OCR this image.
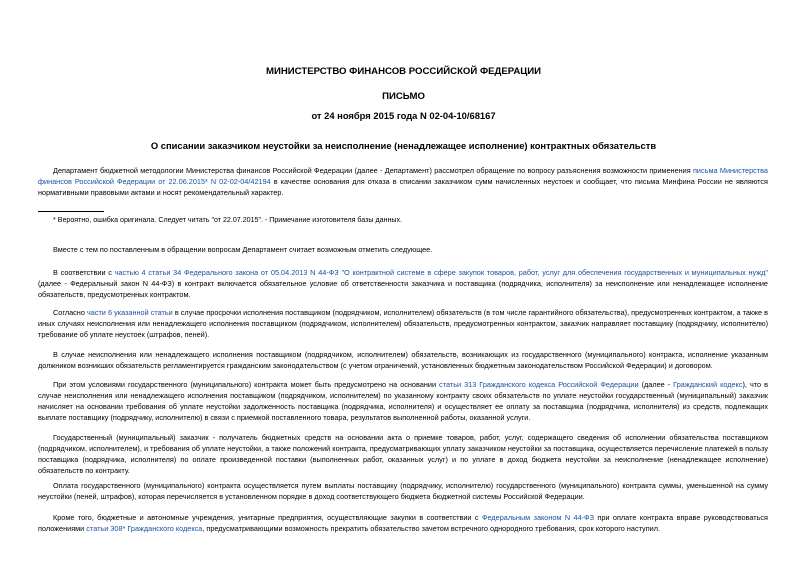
МИНИСТЕРСТВО ФИНАНСОВ РОССИЙСКОЙ ФЕДЕРАЦИИ
ПИСЬМО
от 24 ноября 2015 года N 02-04-10/68167
О списании заказчиком неустойки за неисполнение (ненадлежащее исполнение) контрактных обязательств

Департамент бюджетной методологии Министерства финансов Российской Федерации (далее - Департамент) рассмотрел обращение по вопросу разъяснения возможности применения письма Министерства финансов Российской Федерации от 22.06.2015* N 02-02-04/42194 в качестве основания для отказа в списании заказчиком сумм начисленных неустоек и сообщает, что письма Минфина России не являются нормативными правовыми актами и носят рекомендательный характер.

* Вероятно, ошибка оригинала. Следует читать "от 22.07.2015". - Примечание изготовителя базы данных.

Вместе с тем по поставленным в обращении вопросам Департамент считает возможным отметить следующее.

В соответствии с частью 4 статьи 34 Федерального закона от 05.04.2013 N 44-ФЗ "О контрактной системе в сфере закупок товаров, работ, услуг для обеспечения государственных и муниципальных нужд" (далее - Федеральный закон N 44-ФЗ) в контракт включается обязательное условие об ответственности заказчика и поставщика (подрядчика, исполнителя) за неисполнение или ненадлежащее исполнение обязательств, предусмотренных контрактом.

Согласно части 6 указанной статьи в случае просрочки исполнения поставщиком (подрядчиком, исполнителем) обязательств (в том числе гарантийного обязательства), предусмотренных контрактом, а также в иных случаях неисполнения или ненадлежащего исполнения поставщиком (подрядчиком, исполнителем) обязательств, предусмотренных контрактом, заказчик направляет поставщику (подрядчику, исполнителю) требование об уплате неустоек (штрафов, пеней).

В случае неисполнения или ненадлежащего исполнения поставщиком (подрядчиком, исполнителем) обязательств, возникающих из государственного (муниципального) контракта, исполнение указанным должником возникших обязательств регламентируется гражданским законодательством (с учетом ограничений, установленных бюджетным законодательством Российской Федерации) и договором.

При этом условиями государственного (муниципального) контракта может быть предусмотрено на основании статьи 313 Гражданского кодекса Российской Федерации (далее - Гражданский кодекс), что в случае неисполнения или ненадлежащего исполнения поставщиком (подрядчиком, исполнителем) по указанному контракту своих обязательств по уплате неустойки государственный (муниципальный) заказчик начисляет на основании требования об уплате неустойки задолженность поставщика (подрядчика, исполнителя) и осуществляет ее оплату за поставщика (подрядчика, исполнителя) из средств, подлежащих выплате поставщику (подрядчику, исполнителю) в связи с приемкой поставленного товара, результатов выполненной работы, оказанной услуги.

Государственный (муниципальный) заказчик - получатель бюджетных средств на основании акта о приемке товаров, работ, услуг, содержащего сведения об исполнении обязательства поставщиком (подрядчиком, исполнителем), и требования об уплате неустойки, а также положений контракта, предусматривающих уплату заказчиком неустойки за поставщика, осуществляется перечисление платежей в пользу поставщика (подрядчика, исполнителя) по оплате произведенной поставки (выполненных работ, оказанных услуг) и по уплате в доход бюджета неустойки за неисполнение (ненадлежащее исполнение) обязательств по контракту.

Оплата государственного (муниципального) контракта осуществляется путем выплаты поставщику (подрядчику, исполнителю) государственного (муниципального) контракта суммы, уменьшенной на сумму неустойки (пеней, штрафов), которая перечисляется в установленном порядке в доход соответствующего бюджета бюджетной системы Российской Федерации.

Кроме того, бюджетные и автономные учреждения, унитарные предприятия, осуществляющие закупки в соответствии с Федеральным законом N 44-ФЗ при оплате контракта вправе руководствоваться положениями статьи 308* Гражданского кодекса, предусматривающими возможность прекратить обязательство зачетом встречного однородного требования, срок которого наступил.
